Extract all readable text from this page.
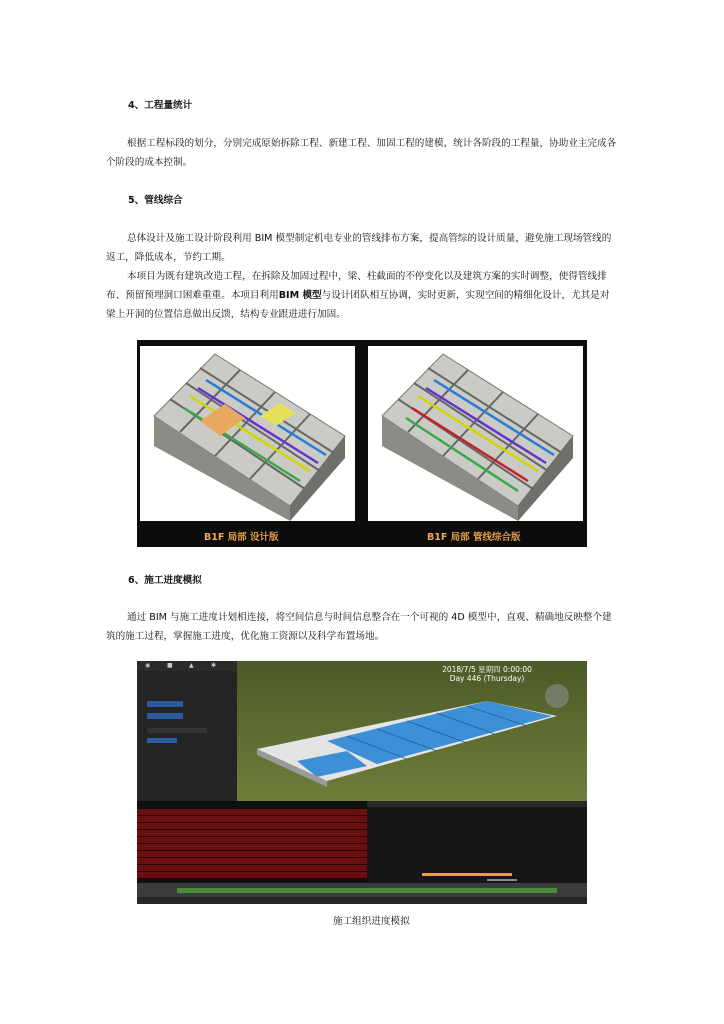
4、工程量统计
根据工程标段的划分，分别完成原始拆除工程、新建工程、加固工程的建模，统计各阶段的工程量，协助业主完成各个阶段的成本控制。
5、管线综合
总体设计及施工设计阶段利用 BIM 模型制定机电专业的管线排布方案，提高管综的设计质量，避免施工现场管线的返工，降低成本，节约工期。
本项目为既有建筑改造工程，在拆除及加固过程中，梁、柱截面的不停变化以及建筑方案的实时调整，使得管线排布、预留预埋洞口困难重重。本项目利用BIM 模型与设计团队相互协调，实时更新，实现空间的精细化设计，尤其是对梁上开洞的位置信息做出反馈，结构专业跟进进行加固。
B1F 局部 设计版	B1F 局部 管线综合版
6、施工进度模拟
通过 BIM 与施工进度计划相连接，将空间信息与时间信息整合在一个可视的 4D 模型中，直观、精确地反映整个建筑的施工过程，掌握施工进度，优化施工资源以及科学布置场地。
◉	■	▲	✱	2018/7/5 星期四 0:00:00
Day 446 (Thursday)
施工组织进度模拟
